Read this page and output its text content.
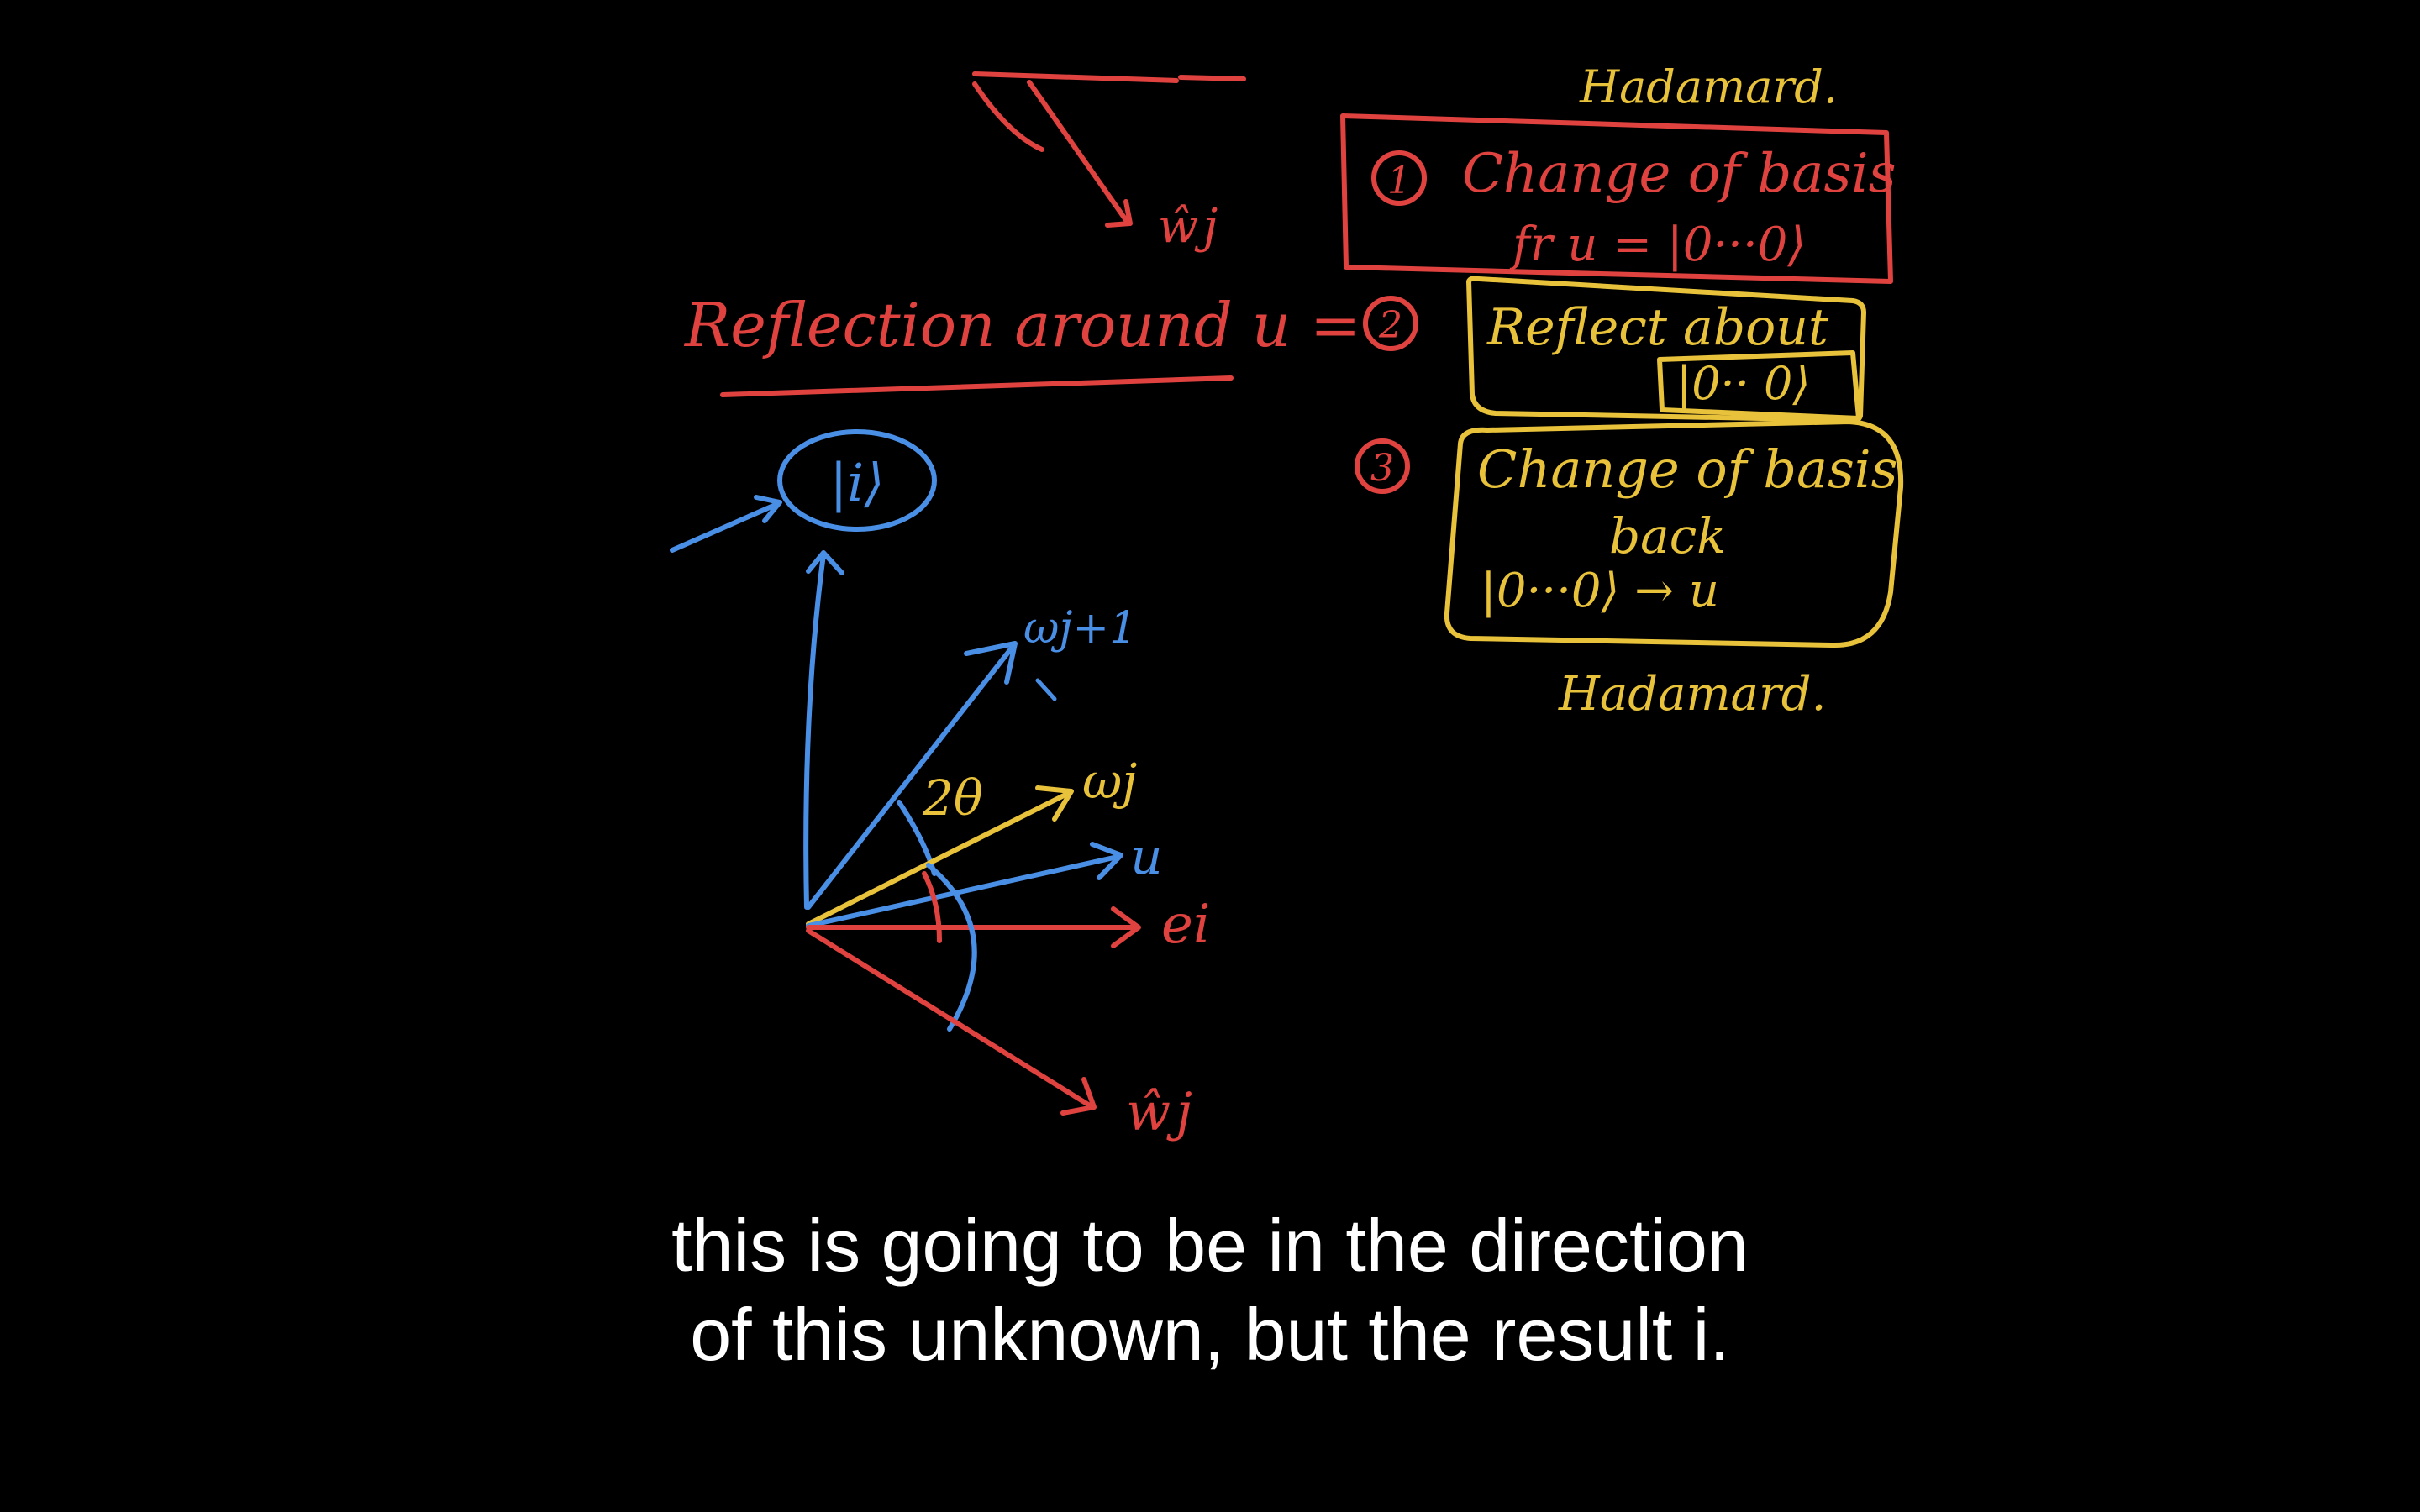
ŵj
Hadamard.
1 Change of basis
fr u = |0···0⟩
Reflection around u = 2 Reflect about
|0·· 0⟩
3 Change of basis
back
|0···0⟩ → u
Hadamard.
|i⟩
ωj+1
2θ ωj
u
ei
ŵj
this is going to be in the direction
of this unknown, but the result i.
